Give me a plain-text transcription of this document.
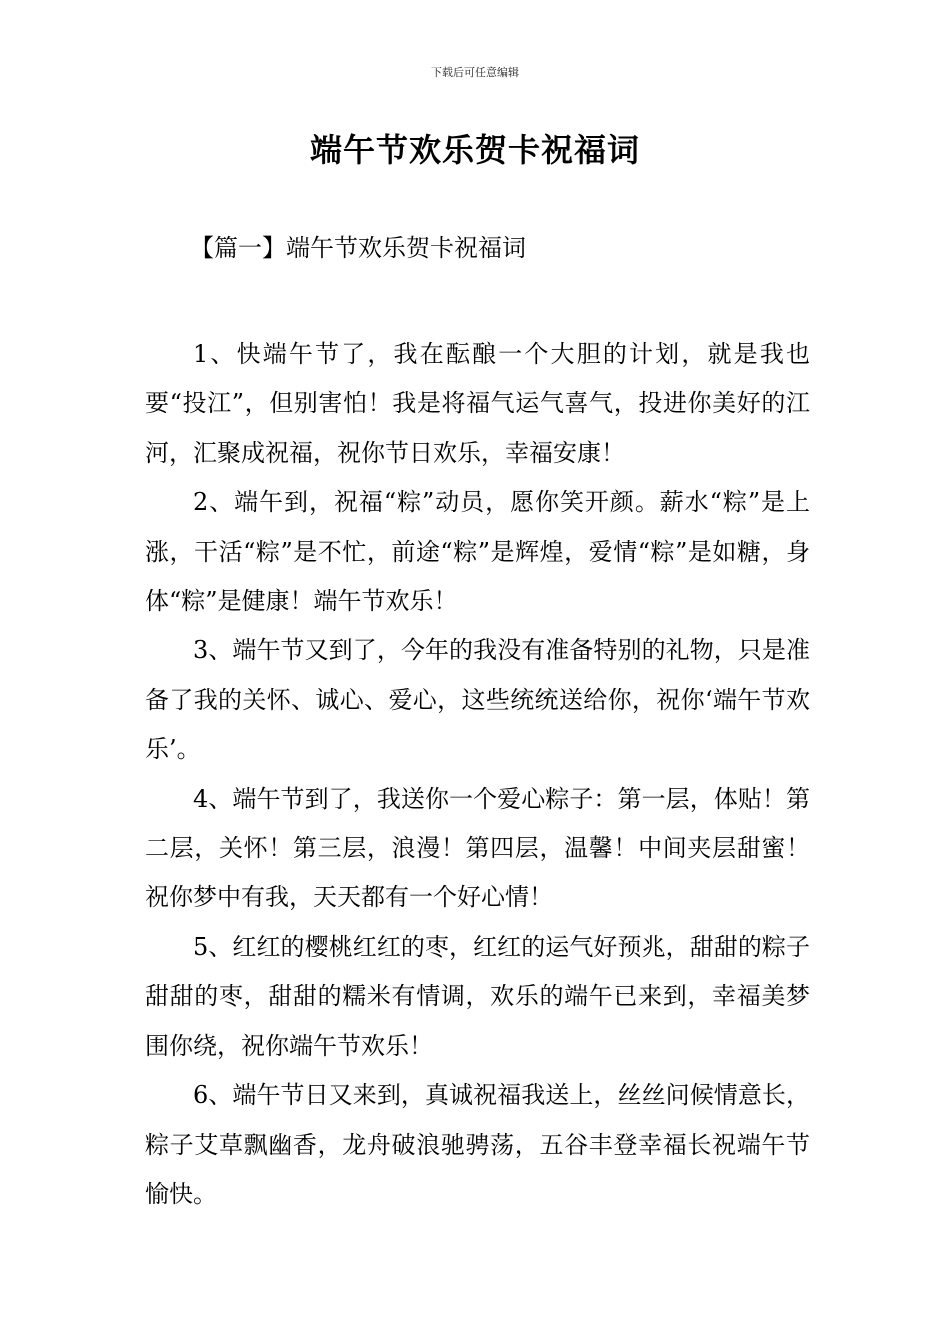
下载后可任意编辑
端午节欢乐贺卡祝福词
【篇一】端午节欢乐贺卡祝福词

1、快端午节了，我在酝酿一个大胆的计划，就是我也要“投江”，但别害怕！我是将福气运气喜气，投进你美好的江河，汇聚成祝福，祝你节日欢乐，幸福安康！

2、端午到，祝福“粽”动员，愿你笑开颜。薪水“粽”是上涨，干活“粽”是不忙，前途“粽”是辉煌，爱情“粽”是如糖，身体“粽”是健康！端午节欢乐！

3、端午节又到了，今年的我没有准备特别的礼物，只是准备了我的关怀、诚心、爱心，这些统统送给你，祝你‘端午节欢乐’。

4、端午节到了，我送你一个爱心粽子：第一层，体贴！第二层，关怀！第三层，浪漫！第四层，温馨！中间夹层甜蜜！祝你梦中有我，天天都有一个好心情！

5、红红的樱桃红红的枣，红红的运气好预兆，甜甜的粽子甜甜的枣，甜甜的糯米有情调，欢乐的端午已来到，幸福美梦围你绕，祝你端午节欢乐！

6、端午节日又来到，真诚祝福我送上，丝丝问候情意长，粽子艾草飘幽香，龙舟破浪驰骋荡，五谷丰登幸福长祝端午节愉快。
